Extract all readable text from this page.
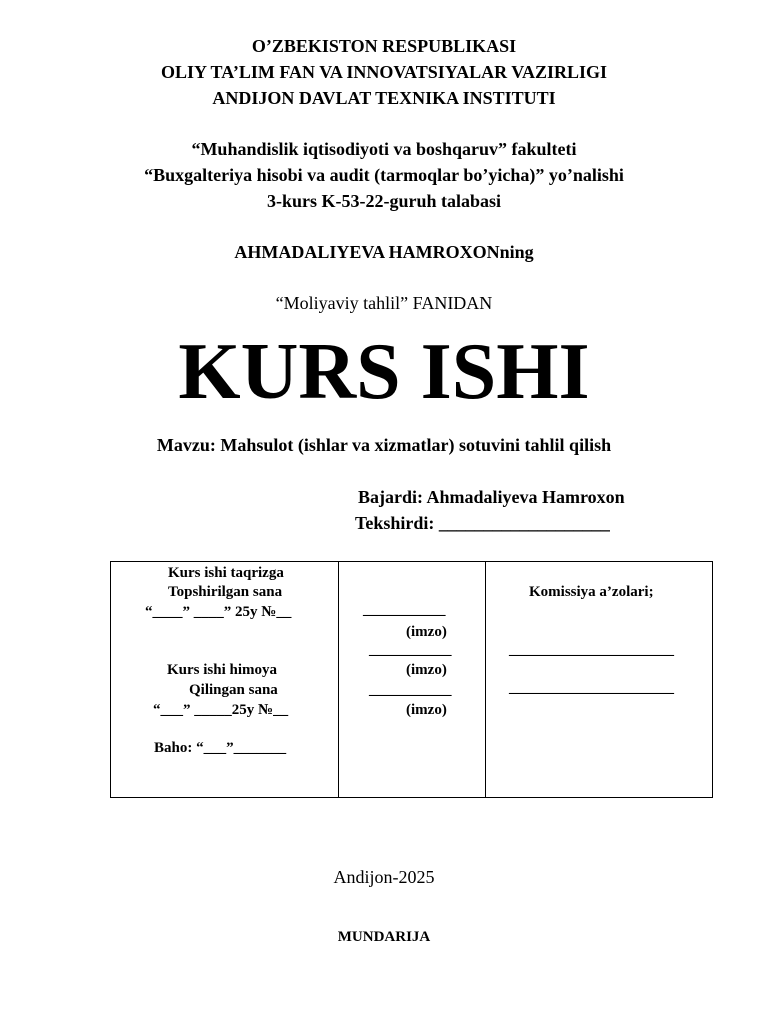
O’ZBEKISTON RESPUBLIKASI
OLIY TA’LIM FAN VA INNOVATSIYALAR VAZIRLIGI
ANDIJON DAVLAT TEXNIKA INSTITUTI
“Muhandislik iqtisodiyoti va boshqaruv” fakulteti
“Buxgalteriya hisobi va audit (tarmoqlar bo’yicha)” yo’nalishi
3-kurs K-53-22-guruh talabasi
AHMADALIYEVA HAMROXONning
“Moliyaviy tahlil” FANIDAN
KURS ISHI
Mavzu: Mahsulot (ishlar va xizmatlar) sotuvini tahlil qilish
Bajardi: Ahmadaliyeva Hamroxon
Tekshirdi: ___________________
Kurs ishi taqrizga
Topshirilgan sana
“____” ____” 25y №__
Kurs ishi himoya
Qilingan sana
“___” _____25y №__
Baho: “___”_______
___________
(imzo)
___________
(imzo)
___________
(imzo)
Komissiya a’zolari;
______________________
______________________
Andijon-2025
MUNDARIJA
